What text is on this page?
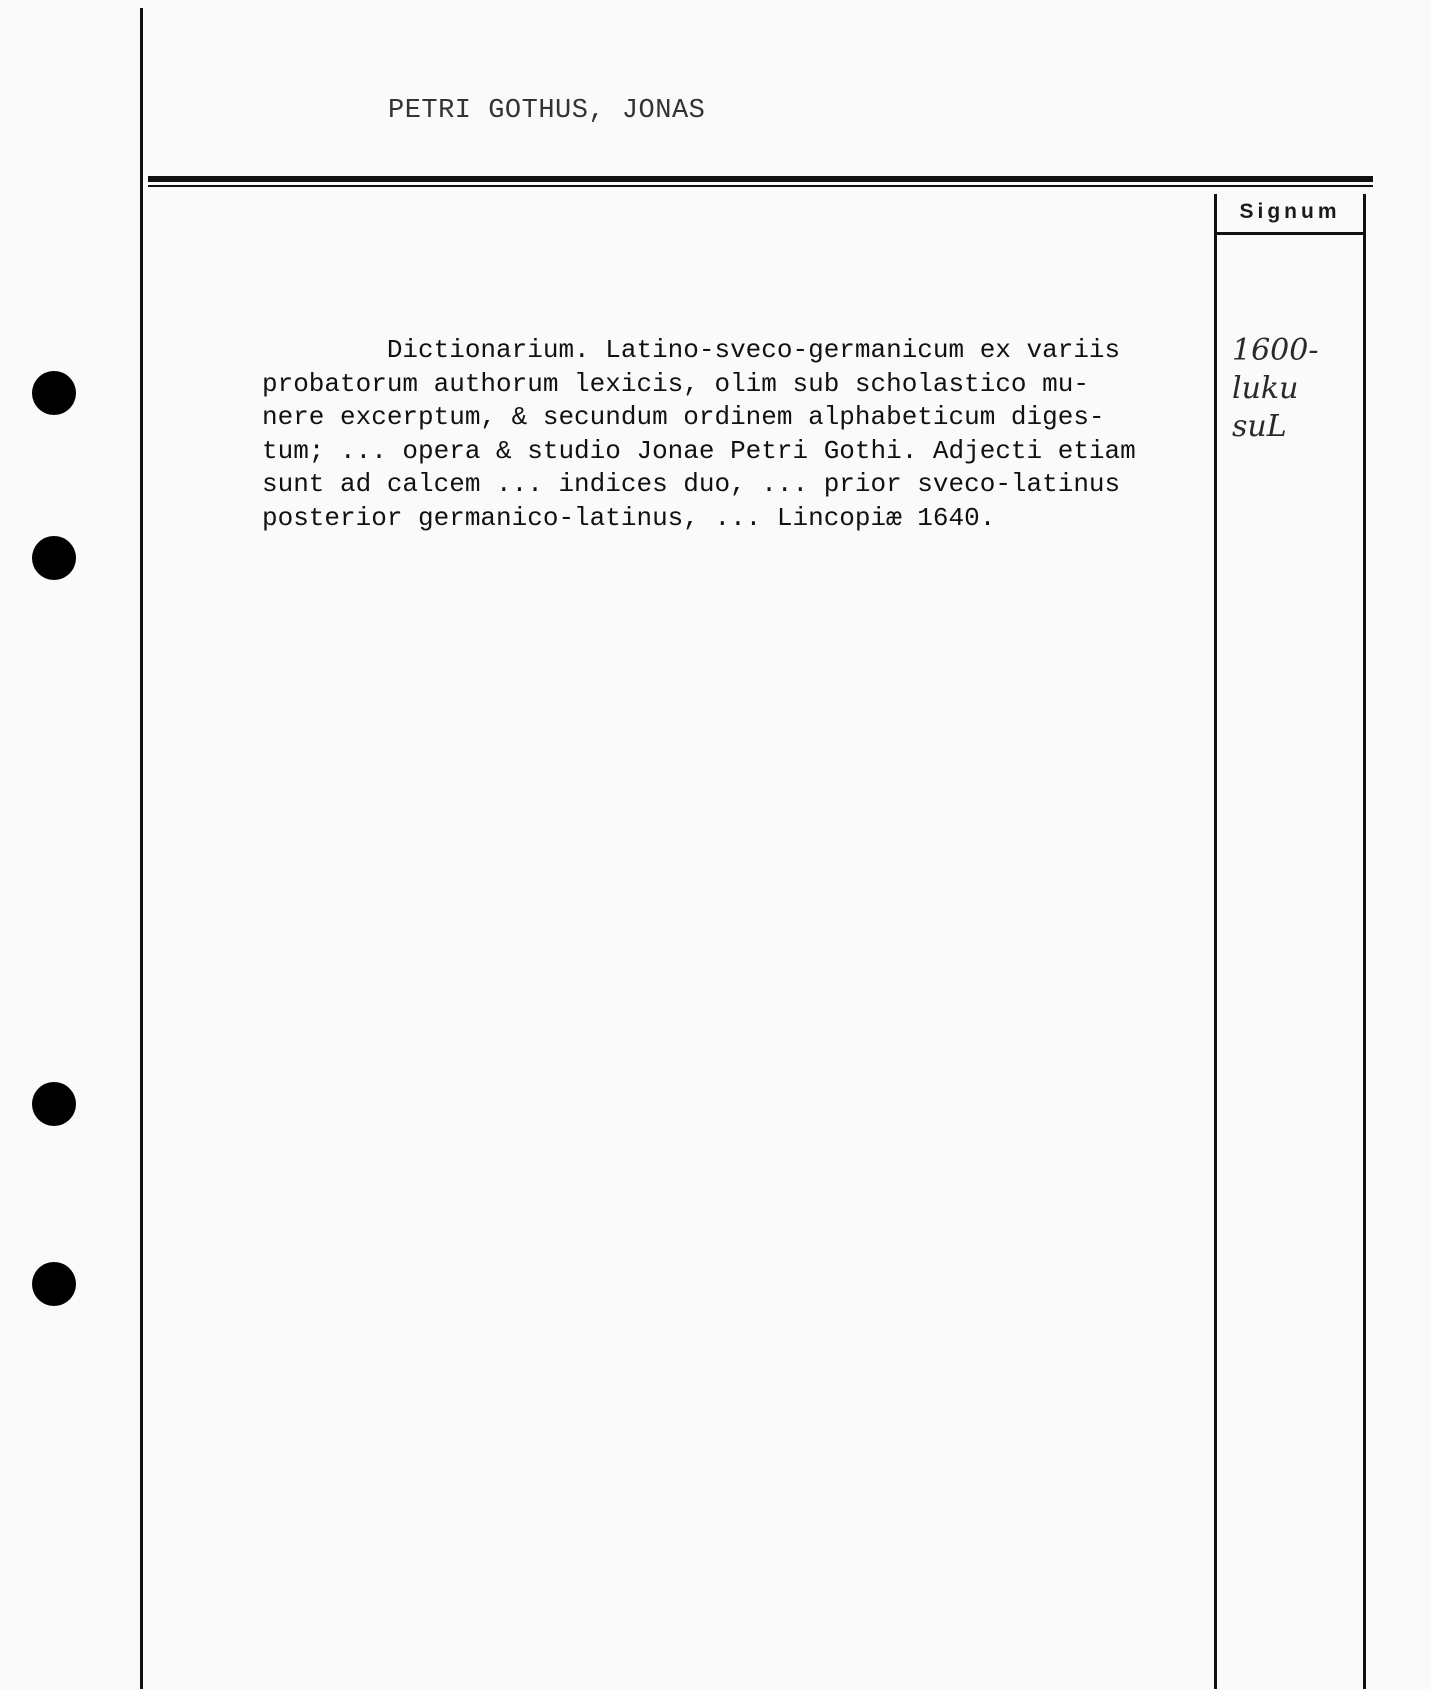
PETRI GOTHUS, JONAS
Signum
Dictionarium. Latino-sveco-germanicum ex variis
probatorum authorum lexicis, olim sub scholastico mu-
nere excerptum, & secundum ordinem alphabeticum diges-
tum; ... opera & studio Jonae Petri Gothi. Adjecti etiam
sunt ad calcem ... indices duo, ... prior sveco-latinus
posterior germanico-latinus, ... Lincopiæ 1640.
1600-
luku
suL
